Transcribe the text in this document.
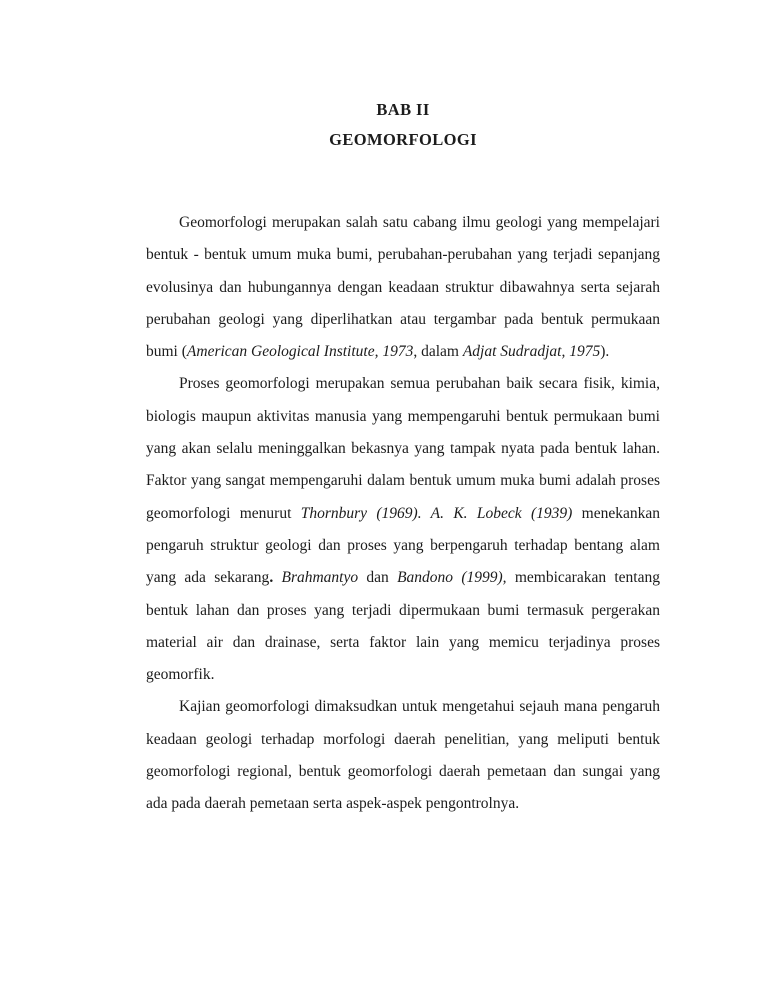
BAB II
GEOMORFOLOGI
Geomorfologi merupakan salah satu cabang ilmu geologi yang mempelajari
bentuk - bentuk umum muka bumi, perubahan-perubahan yang terjadi sepanjang
evolusinya dan hubungannya dengan keadaan struktur dibawahnya serta sejarah
perubahan geologi yang diperlihatkan atau tergambar pada bentuk permukaan
bumi (American Geological Institute, 1973, dalam Adjat Sudradjat, 1975).
Proses geomorfologi merupakan semua perubahan baik secara fisik, kimia,
biologis maupun aktivitas manusia yang mempengaruhi bentuk permukaan bumi
yang akan selalu meninggalkan bekasnya yang tampak nyata pada bentuk lahan.
Faktor yang sangat mempengaruhi dalam bentuk umum muka bumi adalah proses
geomorfologi menurut Thornbury (1969). A. K. Lobeck (1939) menekankan
pengaruh struktur geologi dan proses yang berpengaruh terhadap bentang alam
yang ada sekarang. Brahmantyo dan Bandono (1999), membicarakan tentang
bentuk lahan dan proses yang terjadi dipermukaan bumi termasuk pergerakan
material air dan drainase, serta faktor lain yang memicu terjadinya proses
geomorfik.
Kajian geomorfologi dimaksudkan untuk mengetahui sejauh mana pengaruh
keadaan geologi terhadap morfologi daerah penelitian, yang meliputi bentuk
geomorfologi regional, bentuk geomorfologi daerah pemetaan dan sungai yang
ada pada daerah pemetaan serta aspek-aspek pengontrolnya.
